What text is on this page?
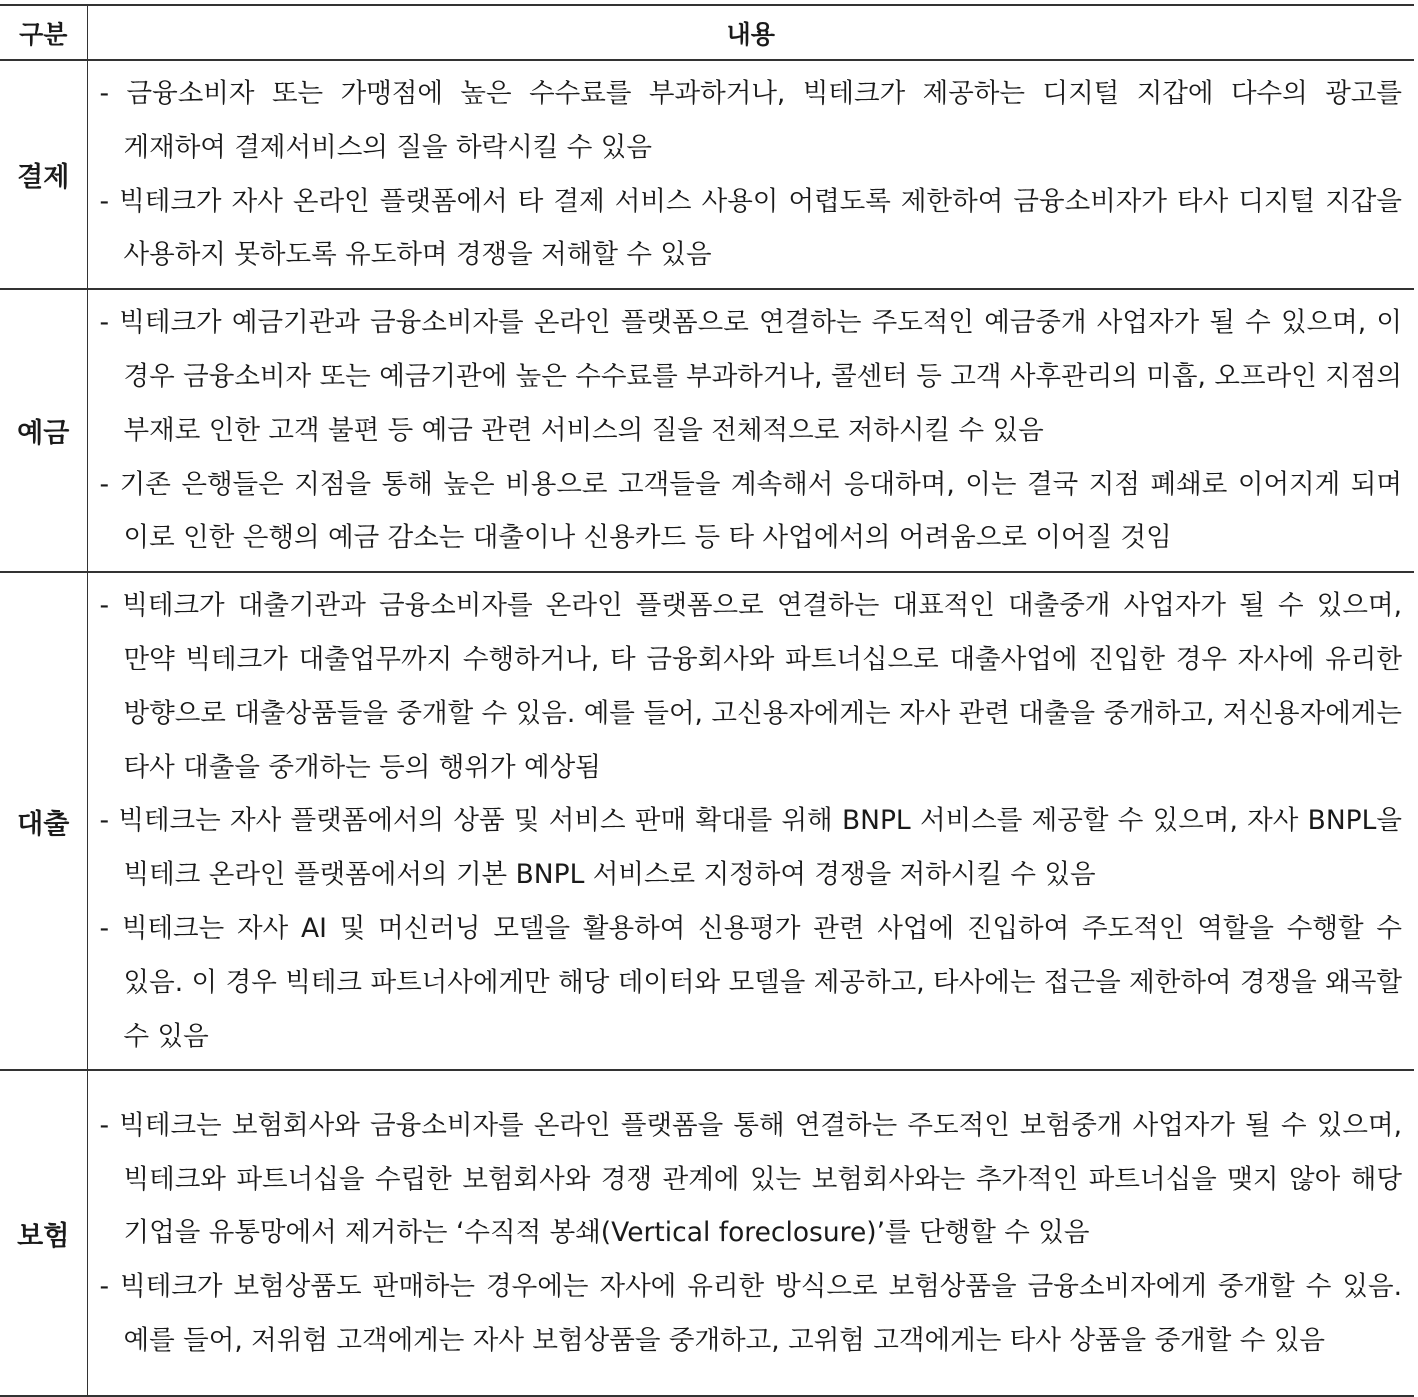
구분	내용
결제	- 금융소비자 또는 가맹점에 높은 수수료를 부과하거나, 빅테크가 제공하는 디지털 지갑에 다수의 광고를 게재하여 결제서비스의 질을 하락시킬 수 있음
- 빅테크가 자사 온라인 플랫폼에서 타 결제 서비스 사용이 어렵도록 제한하여 금융소비자가 타사 디지털 지갑을 사용하지 못하도록 유도하며 경쟁을 저해할 수 있음

예금	- 빅테크가 예금기관과 금융소비자를 온라인 플랫폼으로 연결하는 주도적인 예금중개 사업자가 될 수 있으며, 이 경우 금융소비자 또는 예금기관에 높은 수수료를 부과하거나, 콜센터 등 고객 사후관리의 미흡, 오프라인 지점의 부재로 인한 고객 불편 등 예금 관련 서비스의 질을 전체적으로 저하시킬 수 있음
- 기존 은행들은 지점을 통해 높은 비용으로 고객들을 계속해서 응대하며, 이는 결국 지점 폐쇄로 이어지게 되며 이로 인한 은행의 예금 감소는 대출이나 신용카드 등 타 사업에서의 어려움으로 이어질 것임

대출	- 빅테크가 대출기관과 금융소비자를 온라인 플랫폼으로 연결하는 대표적인 대출중개 사업자가 될 수 있으며, 만약 빅테크가 대출업무까지 수행하거나, 타 금융회사와 파트너십으로 대출사업에 진입한 경우 자사에 유리한 방향으로 대출상품들을 중개할 수 있음. 예를 들어, 고신용자에게는 자사 관련 대출을 중개하고, 저신용자에게는 타사 대출을 중개하는 등의 행위가 예상됨
- 빅테크는 자사 플랫폼에서의 상품 및 서비스 판매 확대를 위해 BNPL 서비스를 제공할 수 있으며, 자사 BNPL을 빅테크 온라인 플랫폼에서의 기본 BNPL 서비스로 지정하여 경쟁을 저하시킬 수 있음
- 빅테크는 자사 AI 및 머신러닝 모델을 활용하여 신용평가 관련 사업에 진입하여 주도적인 역할을 수행할 수 있음. 이 경우 빅테크 파트너사에게만 해당 데이터와 모델을 제공하고, 타사에는 접근을 제한하여 경쟁을 왜곡할 수 있음

보험	- 빅테크는 보험회사와 금융소비자를 온라인 플랫폼을 통해 연결하는 주도적인 보험중개 사업자가 될 수 있으며, 빅테크와 파트너십을 수립한 보험회사와 경쟁 관계에 있는 보험회사와는 추가적인 파트너십을 맺지 않아 해당 기업을 유통망에서 제거하는 ‘수직적 봉쇄(Vertical foreclosure)’를 단행할 수 있음
- 빅테크가 보험상품도 판매하는 경우에는 자사에 유리한 방식으로 보험상품을 금융소비자에게 중개할 수 있음. 예를 들어, 저위험 고객에게는 자사 보험상품을 중개하고, 고위험 고객에게는 타사 상품을 중개할 수 있음
